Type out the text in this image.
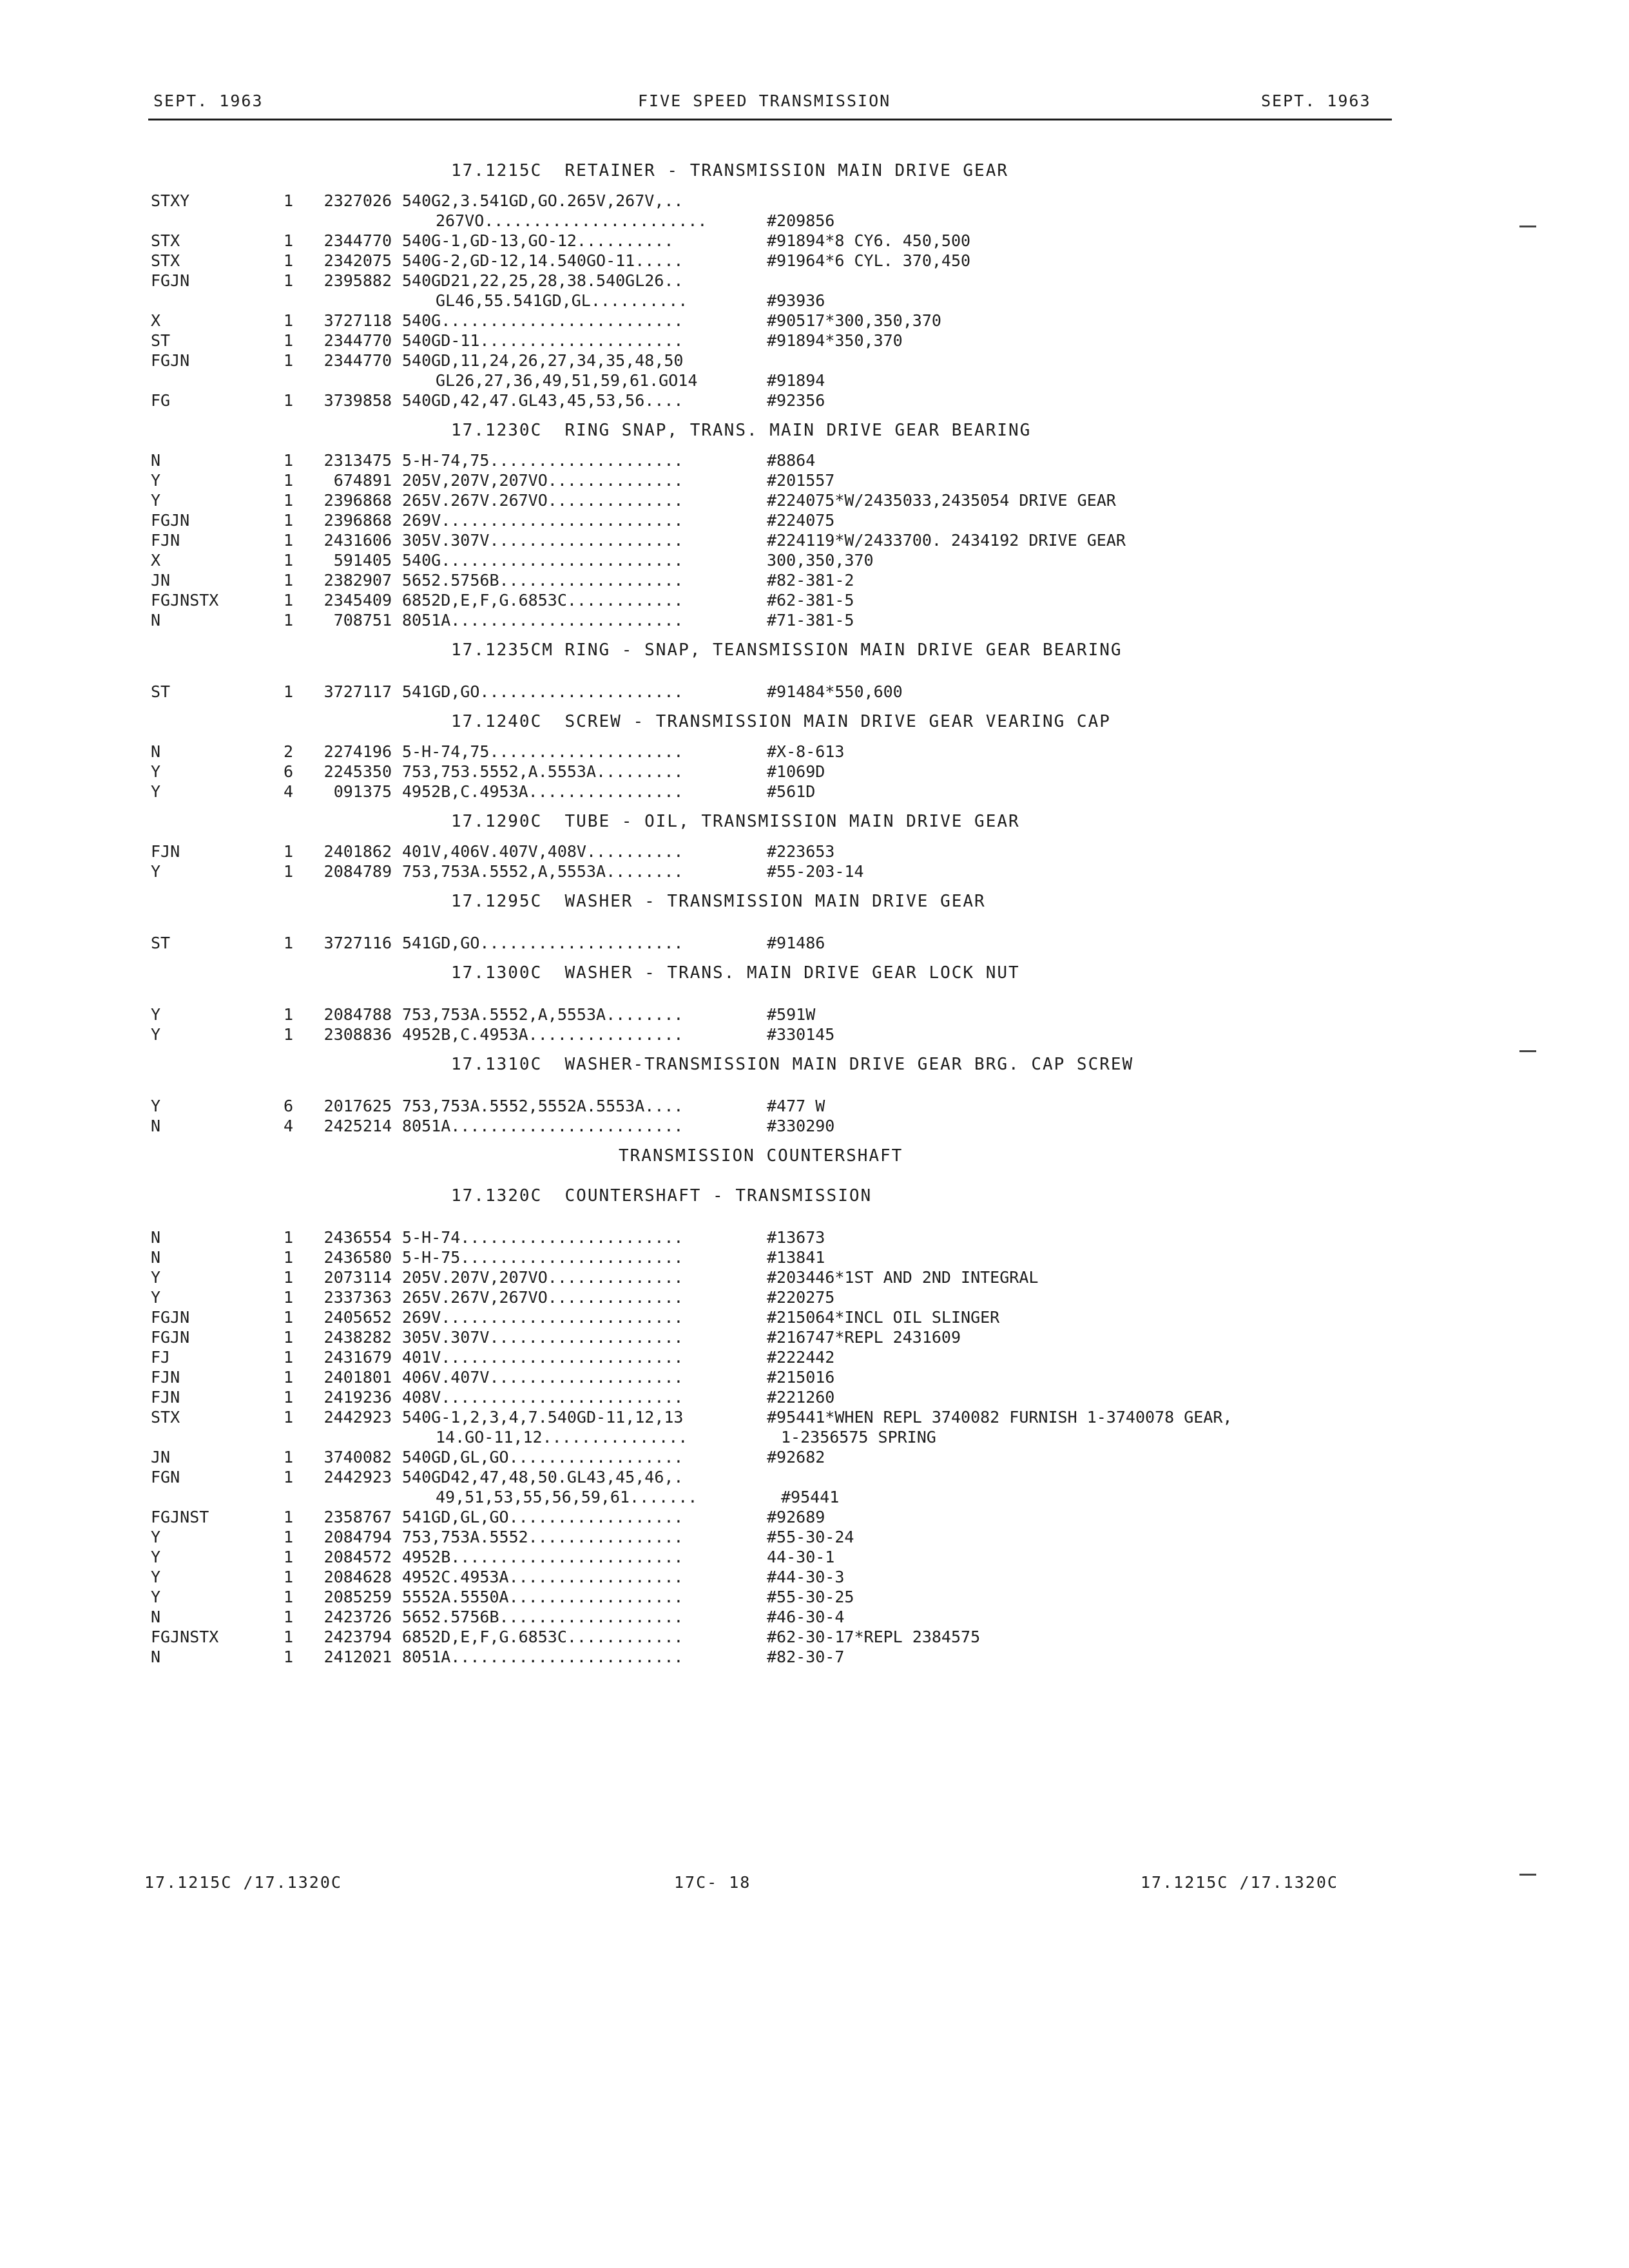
SEPT. 1963	FIVE SPEED TRANSMISSION	SEPT. 1963
17.1215C  RETAINER - TRANSMISSION MAIN DRIVE GEAR
STXY	1	2327026 540G2,3.541GD,GO.265V,267V,..
267VO.......................	#209856
STX	1	2344770 540G-1,GD-13,GO-12..........	#91894*8 CY6. 450,500
STX	1	2342075 540G-2,GD-12,14.540GO-11.....	#91964*6 CYL. 370,450
FGJN	1	2395882 540GD21,22,25,28,38.540GL26..
GL46,55.541GD,GL..........	#93936
X	1	3727118 540G.........................	#90517*300,350,370
ST	1	2344770 540GD-11.....................	#91894*350,370
FGJN	1	2344770 540GD,11,24,26,27,34,35,48,50
GL26,27,36,49,51,59,61.GO14	#91894
FG	1	3739858 540GD,42,47.GL43,45,53,56....	#92356
17.1230C  RING SNAP, TRANS. MAIN DRIVE GEAR BEARING
N	1	2313475 5-H-74,75....................	#8864
Y	1	674891 205V,207V,207VO..............	#201557
Y	1	2396868 265V.267V.267VO..............	#224075*W/2435033,2435054 DRIVE GEAR
FGJN	1	2396868 269V.........................	#224075
FJN	1	2431606 305V.307V....................	#224119*W/2433700. 2434192 DRIVE GEAR
X	1	591405 540G.........................	300,350,370
JN	1	2382907 5652.5756B...................	#82-381-2
FGJNSTX	1	2345409 6852D,E,F,G.6853C............	#62-381-5
N	1	708751 8051A........................	#71-381-5
17.1235CM RING - SNAP, TEANSMISSION MAIN DRIVE GEAR BEARING
ST	1	3727117 541GD,GO.....................	#91484*550,600
17.1240C  SCREW - TRANSMISSION MAIN DRIVE GEAR VEARING CAP
N	2	2274196 5-H-74,75....................	#X-8-613
Y	6	2245350 753,753.5552,A.5553A.........	#1069D
Y	4	091375 4952B,C.4953A................	#561D
17.1290C  TUBE - OIL, TRANSMISSION MAIN DRIVE GEAR
FJN	1	2401862 401V,406V.407V,408V..........	#223653
Y	1	2084789 753,753A.5552,A,5553A........	#55-203-14
17.1295C  WASHER - TRANSMISSION MAIN DRIVE GEAR
ST	1	3727116 541GD,GO.....................	#91486
17.1300C  WASHER - TRANS. MAIN DRIVE GEAR LOCK NUT
Y	1	2084788 753,753A.5552,A,5553A........	#591W
Y	1	2308836 4952B,C.4953A................	#330145
17.1310C  WASHER-TRANSMISSION MAIN DRIVE GEAR BRG. CAP SCREW
Y	6	2017625 753,753A.5552,5552A.5553A....	#477 W
N	4	2425214 8051A........................	#330290
TRANSMISSION COUNTERSHAFT
17.1320C  COUNTERSHAFT - TRANSMISSION
N	1	2436554 5-H-74.......................	#13673
N	1	2436580 5-H-75.......................	#13841
Y	1	2073114 205V.207V,207VO..............	#203446*1ST AND 2ND INTEGRAL
Y	1	2337363 265V.267V,267VO..............	#220275
FGJN	1	2405652 269V.........................	#215064*INCL OIL SLINGER
FGJN	1	2438282 305V.307V....................	#216747*REPL 2431609
FJ	1	2431679 401V.........................	#222442
FJN	1	2401801 406V.407V....................	#215016
FJN	1	2419236 408V.........................	#221260
STX	1	2442923 540G-1,2,3,4,7.540GD-11,12,13	#95441*WHEN REPL 3740082 FURNISH 1-3740078 GEAR,
14.GO-11,12...............	1-2356575 SPRING
JN	1	3740082 540GD,GL,GO..................	#92682
FGN	1	2442923 540GD42,47,48,50.GL43,45,46,.
49,51,53,55,56,59,61.......	#95441
FGJNST	1	2358767 541GD,GL,GO..................	#92689
Y	1	2084794 753,753A.5552................	#55-30-24
Y	1	2084572 4952B........................	44-30-1
Y	1	2084628 4952C.4953A..................	#44-30-3
Y	1	2085259 5552A.5550A..................	#55-30-25
N	1	2423726 5652.5756B...................	#46-30-4
FGJNSTX	1	2423794 6852D,E,F,G.6853C............	#62-30-17*REPL 2384575
N	1	2412021 8051A........................	#82-30-7
17.1215C /17.1320C	17C- 18	17.1215C /17.1320C
